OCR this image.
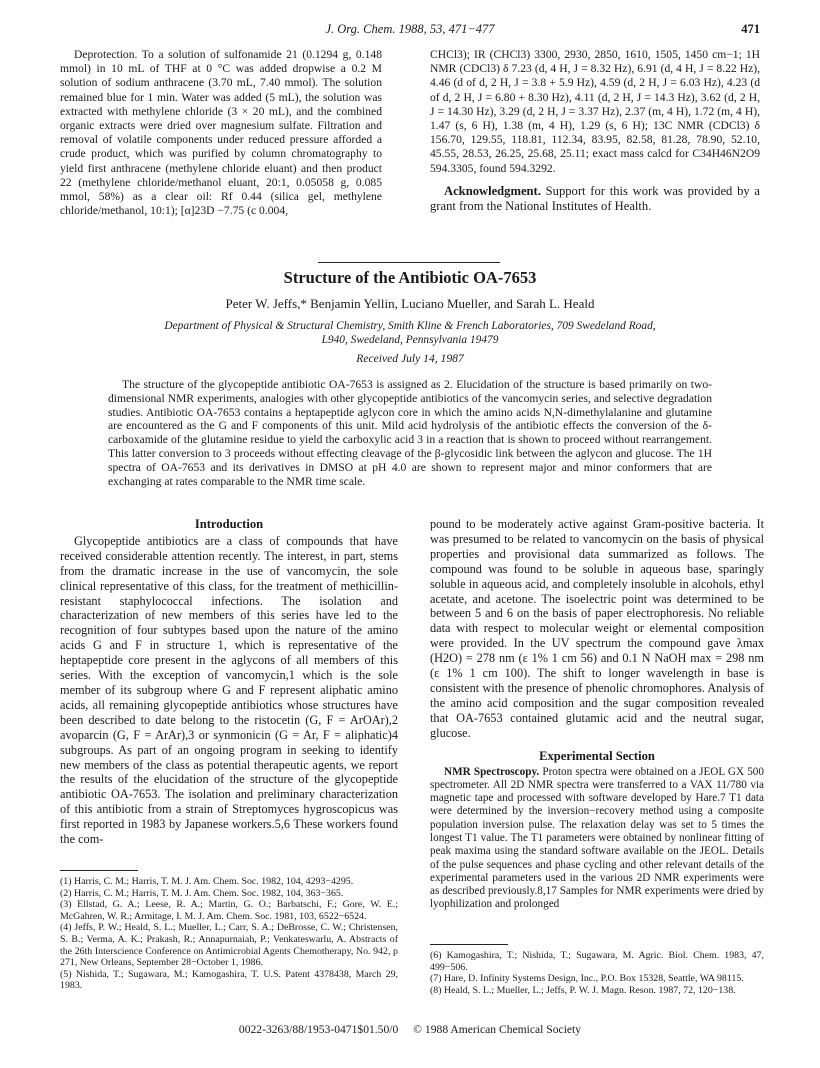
J. Org. Chem. 1988, 53, 471−477	471

Deprotection. To a solution of sulfonamide 21 (0.1294 g, 0.148 mmol) in 10 mL of THF at 0 °C was added dropwise a 0.2 M solution of sodium anthracene (3.70 mL, 7.40 mmol). The solution remained blue for 1 min. Water was added (5 mL), the solution was extracted with methylene chloride (3 × 20 mL), and the combined organic extracts were dried over magnesium sulfate. Filtration and removal of volatile components under reduced pressure afforded a crude product, which was purified by column chromatography to yield first anthracene (methylene chloride eluant) and then product 22 (methylene chloride/methanol eluant, 20:1, 0.05058 g, 0.085 mmol, 58%) as a clear oil: Rf 0.44 (silica gel, methylene chloride/methanol, 10:1); [α]23D −7.75 (c 0.004,

CHCl3); IR (CHCl3) 3300, 2930, 2850, 1610, 1505, 1450 cm−1; 1H NMR (CDCl3) δ 7.23 (d, 4 H, J = 8.32 Hz), 6.91 (d, 4 H, J = 8.22 Hz), 4.46 (d of d, 2 H, J = 3.8 + 5.9 Hz), 4.59 (d, 2 H, J = 6.03 Hz), 4.23 (d of d, 2 H, J = 6.80 + 8.30 Hz), 4.11 (d, 2 H, J = 14.3 Hz), 3.62 (d, 2 H, J = 14.30 Hz), 3.29 (d, 2 H, J = 3.37 Hz), 2.37 (m, 4 H), 1.72 (m, 4 H), 1.47 (s, 6 H), 1.38 (m, 4 H), 1.29 (s, 6 H); 13C NMR (CDCl3) δ 156.70, 129.55, 118.81, 112.34, 83.95, 82.58, 81.28, 78.90, 52.10, 45.55, 28.53, 26.25, 25.68, 25.11; exact mass calcd for C34H46N2O9 594.3305, found 594.3292.

Acknowledgment. Support for this work was provided by a grant from the National Institutes of Health.

Structure of the Antibiotic OA-7653
Peter W. Jeffs,* Benjamin Yellin, Luciano Mueller, and Sarah L. Heald
Department of Physical & Structural Chemistry, Smith Kline & French Laboratories, 709 Swedeland Road,
L940, Swedeland, Pennsylvania 19479
Received July 14, 1987

The structure of the glycopeptide antibiotic OA-7653 is assigned as 2. Elucidation of the structure is based primarily on two-dimensional NMR experiments, analogies with other glycopeptide antibiotics of the vancomycin series, and selective degradation studies. Antibiotic OA-7653 contains a heptapeptide aglycon core in which the amino acids N,N-dimethylalanine and glutamine are encountered as the G and F components of this unit. Mild acid hydrolysis of the antibiotic effects the conversion of the δ-carboxamide of the glutamine residue to yield the carboxylic acid 3 in a reaction that is shown to proceed without rearrangement. This latter conversion to 3 proceeds without effecting cleavage of the β-glycosidic link between the aglycon and glucose. The 1H spectra of OA-7653 and its derivatives in DMSO at pH 4.0 are shown to represent major and minor conformers that are exchanging at rates comparable to the NMR time scale.

Introduction

Glycopeptide antibiotics are a class of compounds that have received considerable attention recently. The interest, in part, stems from the dramatic increase in the use of vancomycin, the sole clinical representative of this class, for the treatment of methicillin-resistant staphylococcal infections. The isolation and characterization of new members of this series have led to the recognition of four subtypes based upon the nature of the amino acids G and F in structure 1, which is representative of the heptapeptide core present in the aglycons of all members of this series. With the exception of vancomycin,1 which is the sole member of its subgroup where G and F represent aliphatic amino acids, all remaining glycopeptide antibiotics whose structures have been described to date belong to the ristocetin (G, F = ArOAr),2 avoparcin (G, F = ArAr),3 or synmonicin (G = Ar, F = aliphatic)4 subgroups. As part of an ongoing program in seeking to identify new members of the class as potential therapeutic agents, we report the results of the elucidation of the structure of the glycopeptide antibiotic OA-7653. The isolation and preliminary characterization of this antibiotic from a strain of Streptomyces hygroscopicus was first reported in 1983 by Japanese workers.5,6 These workers found the com-

pound to be moderately active against Gram-positive bacteria. It was presumed to be related to vancomycin on the basis of physical properties and provisional data summarized as follows. The compound was found to be soluble in aqueous base, sparingly soluble in aqueous acid, and completely insoluble in alcohols, ethyl acetate, and acetone. The isoelectric point was determined to be between 5 and 6 on the basis of paper electrophoresis. No reliable data with respect to molecular weight or elemental composition were provided. In the UV spectrum the compound gave λmax (H2O) = 278 nm (ε 1% 1 cm 56) and 0.1 N NaOH max = 298 nm (ε 1% 1 cm 100). The shift to longer wavelength in base is consistent with the presence of phenolic chromophores. Analysis of the amino acid composition and the sugar composition revealed that OA-7653 contained glutamic acid and the neutral sugar, glucose.

Experimental Section

NMR Spectroscopy. Proton spectra were obtained on a JEOL GX 500 spectrometer. All 2D NMR spectra were transferred to a VAX 11/780 via magnetic tape and processed with software developed by Hare.7 T1 data were determined by the inversion−recovery method using a composite population inversion pulse. The relaxation delay was set to 5 times the longest T1 value. The T1 parameters were obtained by nonlinear fitting of peak maxima using the standard software available on the JEOL. Details of the pulse sequences and phase cycling and other relevant details of the experimental parameters used in the various 2D NMR experiments were as described previously.8,17 Samples for NMR experiments were dried by lyophilization and prolonged

(1) Harris, C. M.; Harris, T. M. J. Am. Chem. Soc. 1982, 104, 4293−4295.

(2) Harris, C. M.; Harris, T. M. J. Am. Chem. Soc. 1982, 104, 363−365.

(3) Ellstad, G. A.; Leese, R. A.; Martin, G. O.; Barbatschi, F.; Gore, W. E.; McGahren, W. R.; Armitage, I. M. J. Am. Chem. Soc. 1981, 103, 6522−6524.

(4) Jeffs, P. W.; Heald, S. L.; Mueller, L.; Carr, S. A.; DeBrosse, C. W.; Christensen, S. B.; Verma, A. K.; Prakash, R.; Annapurnaiah, P.; Venkateswarlu, A. Abstracts of the 26th Interscience Conference on Antimicrobial Agents Chemotherapy, No. 942, p 271, New Orleans, September 28−October 1, 1986.

(5) Nishida, T.; Sugawara, M.; Kamogashira, T. U.S. Patent 4378438, March 29, 1983.

(6) Kamogashira, T.; Nishida, T.; Sugawara, M. Agric. Biol. Chem. 1983, 47, 499−506.

(7) Hare, D. Infinity Systems Design, Inc., P.O. Box 15328, Seattle, WA 98115.

(8) Heald, S. L.; Mueller, L.; Jeffs, P. W. J. Magn. Reson. 1987, 72, 120−138.

0022-3263/88/1953-0471$01.50/0 © 1988 American Chemical Society
